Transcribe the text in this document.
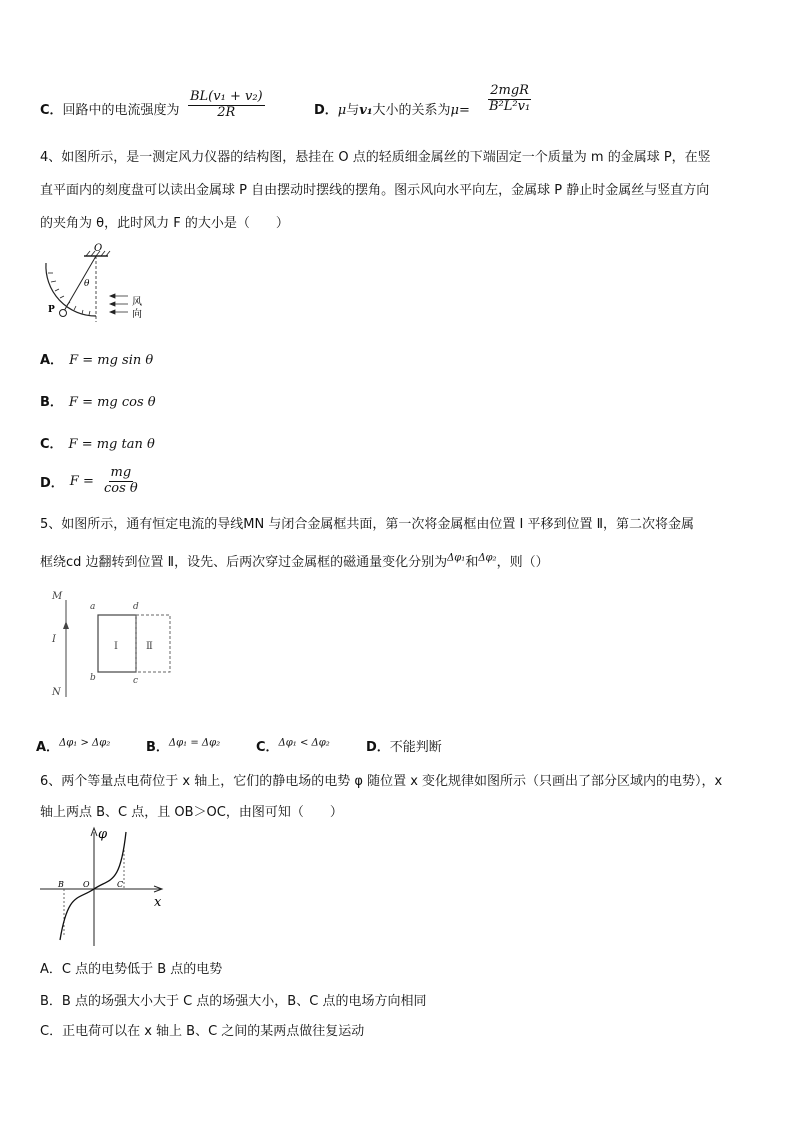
C．回路中的电流强度为 $\frac{\text{BL(v₁ + v₂)}}{2R}$	D．μ与v₁大小的关系为$\mu= \frac{\text{2mgR}}{\text{B²L²v₁}}$
4、如图所示，是一测定风力仪器的结构图，悬挂在 O 点的轻质细金属丝的下端固定一个质量为 m 的金属球 P，在竖
直平面内的刻度盘可以读出金属球 P 自由摆动时摆线的摆角。图示风向水平向左，金属球 P 静止时金属丝与竖直方向
的夹角为 θ，此时风力 F 的大小是（　　）
O
θ
P
风
向
A． F = mg sin θ
B． F = mg cos θ
C． F = mg tan θ
D． $F = \frac{mg}{\text{cos θ}}$
5、如图所示，通有恒定电流的导线MN 与闭合金属框共面，第一次将金属框由位置 Ⅰ 平移到位置 Ⅱ，第二次将金属
框绕cd 边翻转到位置 Ⅱ，设先、后两次穿过金属框的磁通量变化分别为$^{\Delta\varphi_1}$和$^{\Delta\varphi_2}$，则（）
M
I
N
a	d
b	c
Ⅰ	Ⅱ
A．$^{\Delta\varphi_1 > \Delta\varphi_2}$	B．$^{\Delta\varphi_1 = \Delta\varphi_2}$	C．$^{\Delta\varphi_1 < \Delta\varphi_2}$	D．不能判断
6、两个等量点电荷位于 x 轴上，它们的静电场的电势 φ 随位置 x 变化规律如图所示（只画出了部分区域内的电势），x
轴上两点 B、C 点，且 OB＞OC，由图可知（　　）
φ
x
B O	C
A．C 点的电势低于 B 点的电势
B．B 点的场强大小大于 C 点的场强大小，B、C 点的电场方向相同
C．正电荷可以在 x 轴上 B、C 之间的某两点做往复运动
